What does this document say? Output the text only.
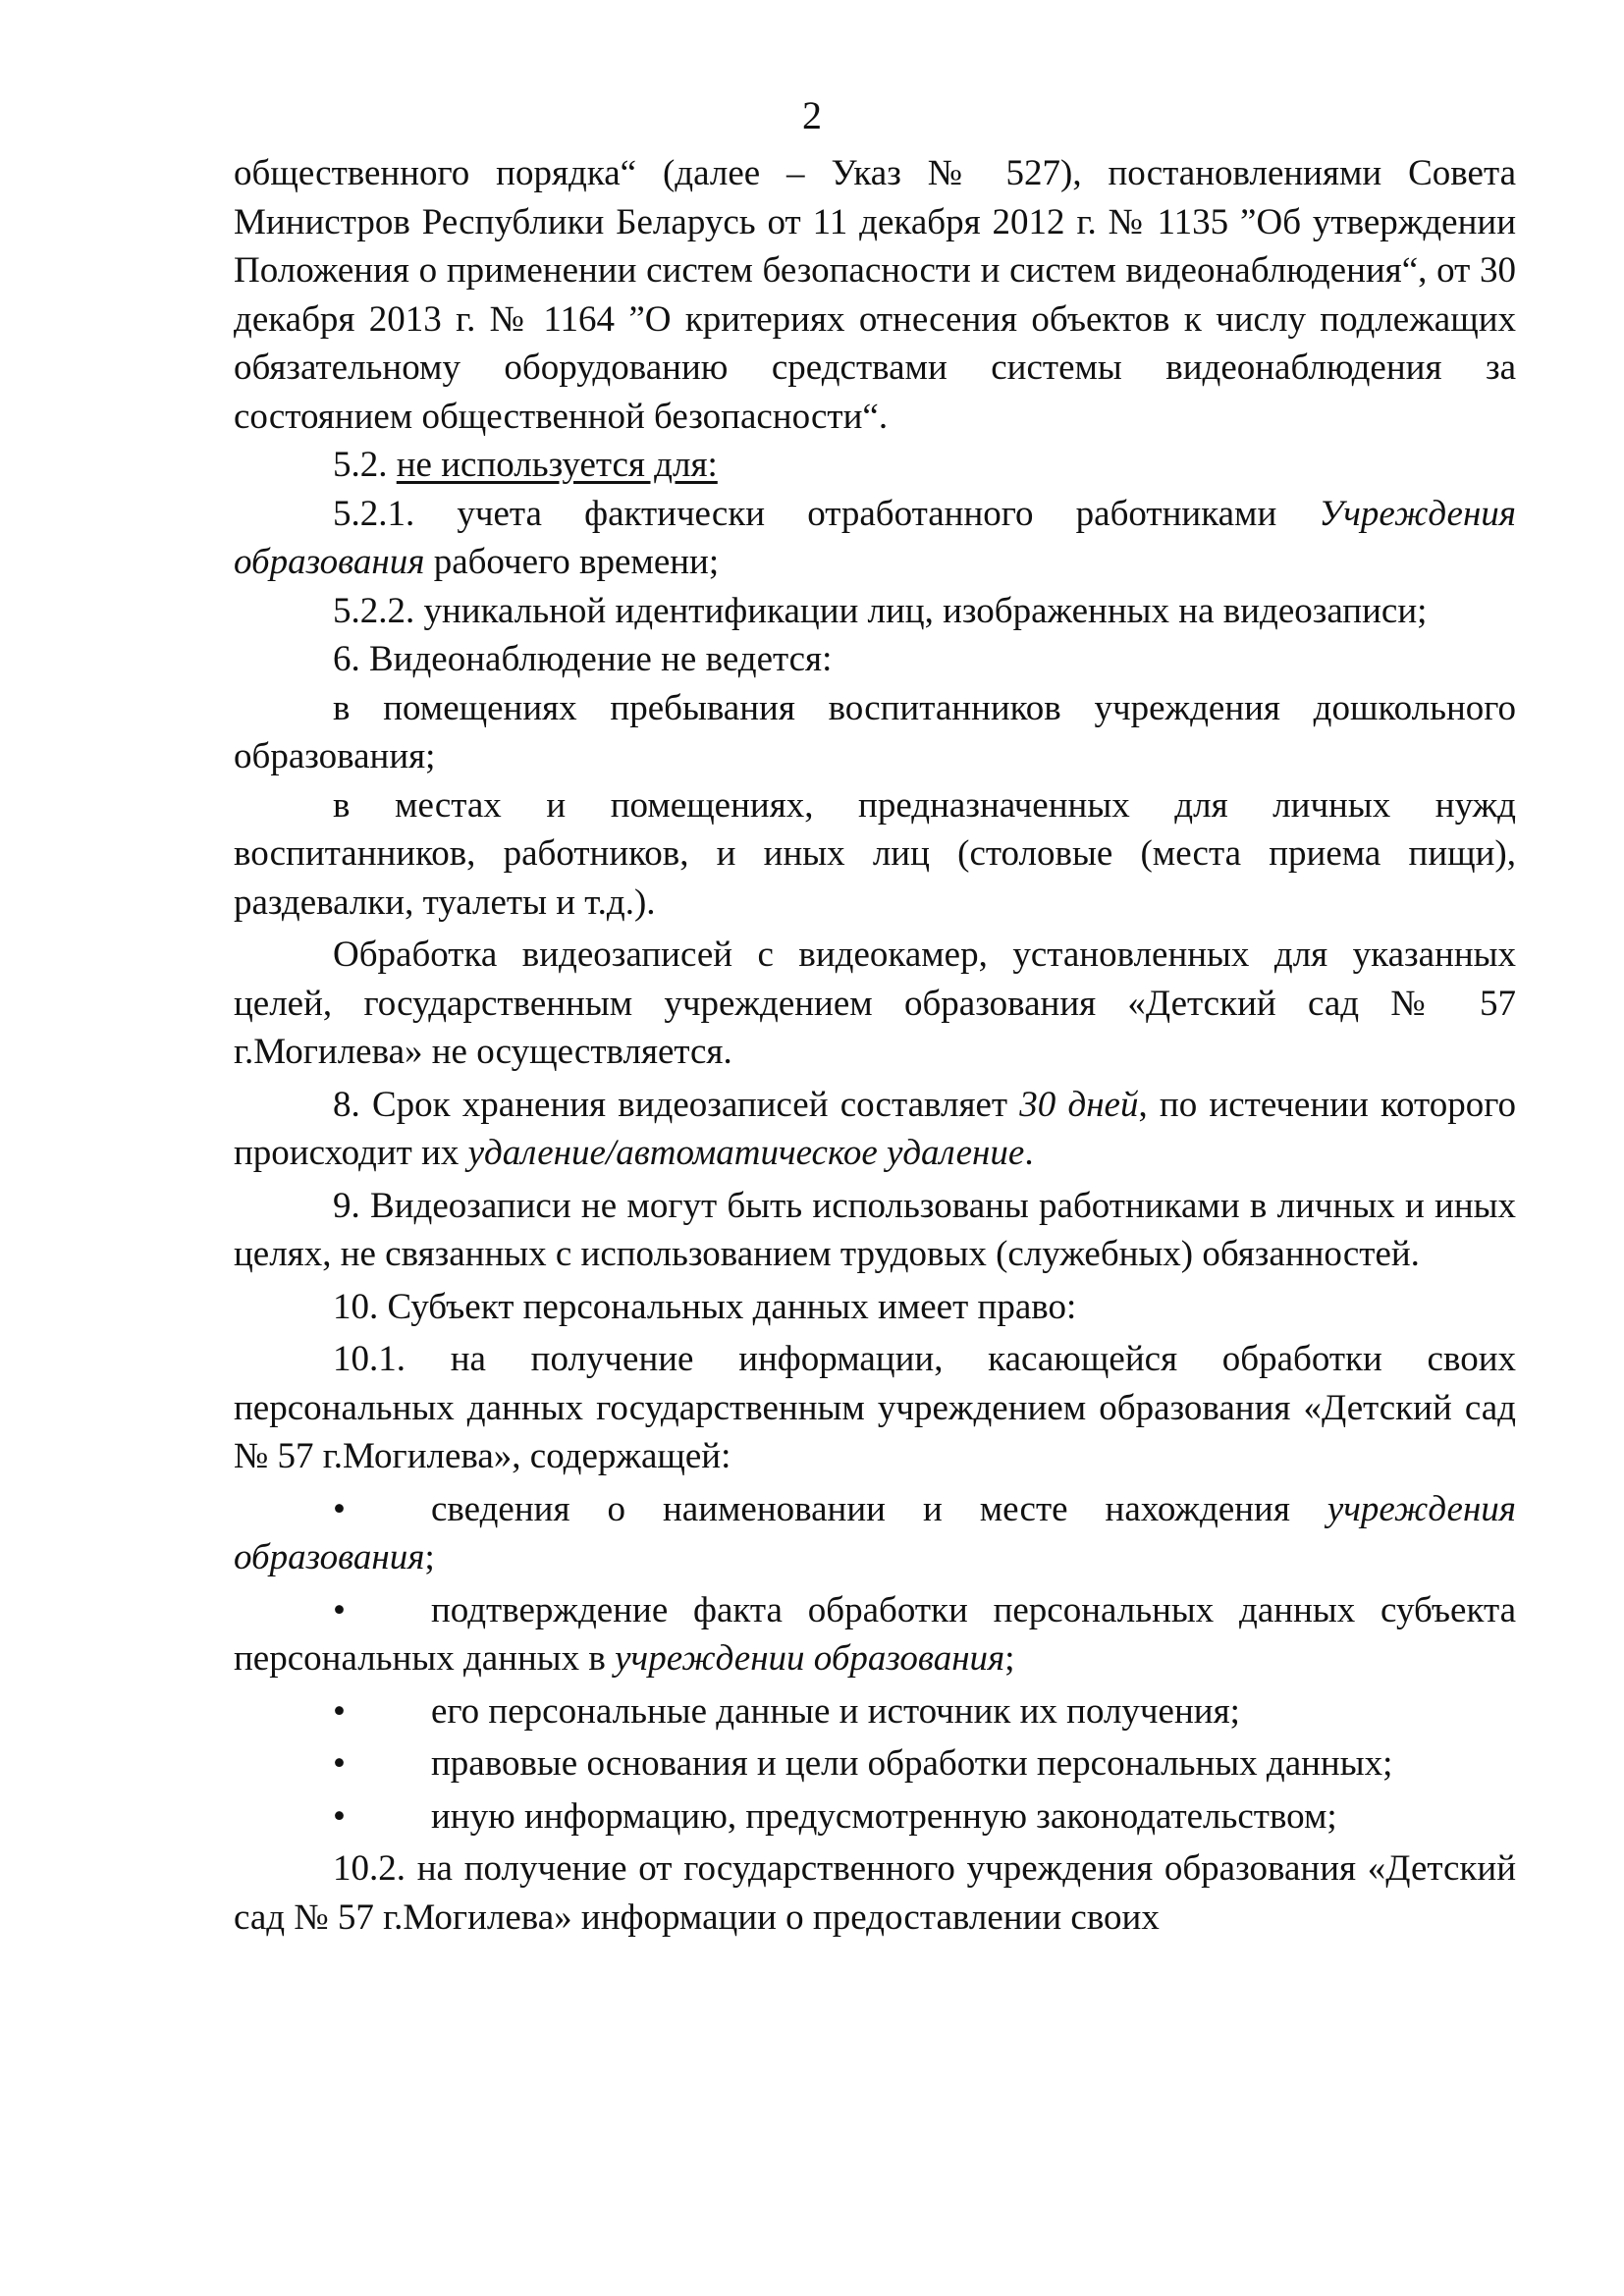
2

общественного порядка“ (далее – Указ № 527), постановлениями Совета Министров Республики Беларусь от 11 декабря 2012 г. № 1135 ”Об утверждении Положения о применении систем безопасности и систем видеонаблюдения“, от 30 декабря 2013 г. № 1164 ”О критериях отнесения объектов к числу подлежащих обязательному оборудованию средствами системы видеонаблюдения за состоянием общественной безопасности“.

5.2. не используется для:

5.2.1. учета фактически отработанного работниками Учреждения образования рабочего времени;

5.2.2. уникальной идентификации лиц, изображенных на видеозаписи;

6. Видеонаблюдение не ведется:

в помещениях пребывания воспитанников учреждения дошкольного образования;

в местах и помещениях, предназначенных для личных нужд воспитанников, работников, и иных лиц (столовые (места приема пищи), раздевалки, туалеты и т.д.).

Обработка видеозаписей с видеокамер, установленных для указанных целей, государственным учреждением образования «Детский сад № 57 г.Могилева» не осуществляется.

8. Срок хранения видеозаписей составляет 30 дней, по истечении которого происходит их удаление/автоматическое удаление.

9. Видеозаписи не могут быть использованы работниками в личных и иных целях, не связанных с использованием трудовых (служебных) обязанностей.

10. Субъект персональных данных имеет право:

10.1. на получение информации, касающейся обработки своих персональных данных государственным учреждением образования «Детский сад № 57 г.Могилева», содержащей:

• сведения о наименовании и месте нахождения учреждения образования;

• подтверждение факта обработки персональных данных субъекта персональных данных в учреждении образования;

• его персональные данные и источник их получения;

• правовые основания и цели обработки персональных данных;

• иную информацию, предусмотренную законодательством;

10.2. на получение от государственного учреждения образования «Детский сад № 57 г.Могилева» информации о предоставлении своих
